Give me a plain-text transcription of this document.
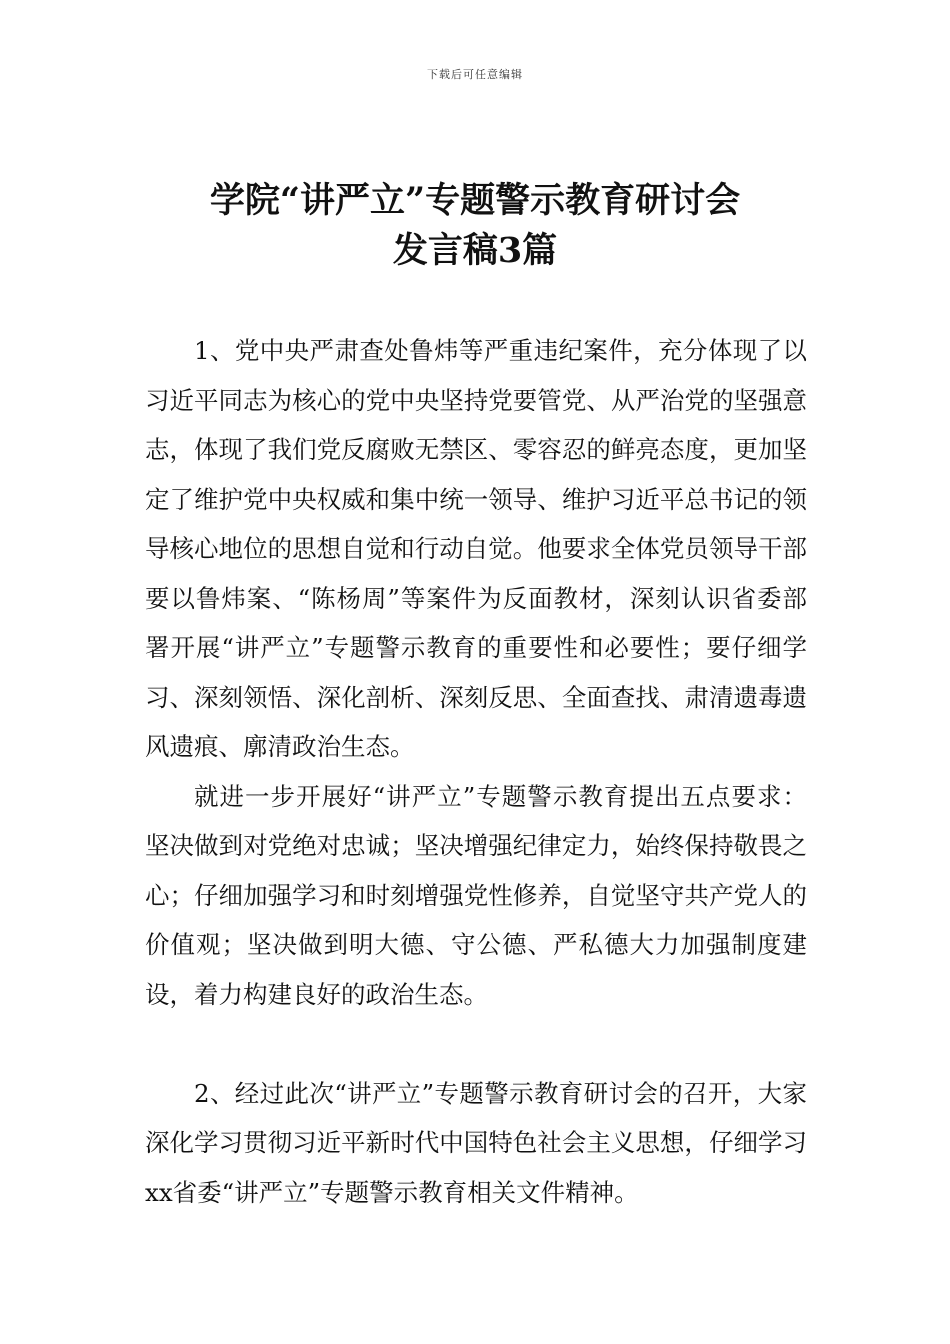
下载后可任意编辑
学院“讲严立”专题警示教育研讨会
发言稿3篇

1、党中央严肃查处鲁炜等严重违纪案件，充分体现了以习近平同志为核心的党中央坚持党要管党、从严治党的坚强意志，体现了我们党反腐败无禁区、零容忍的鲜亮态度，更加坚定了维护党中央权威和集中统一领导、维护习近平总书记的领导核心地位的思想自觉和行动自觉。他要求全体党员领导干部要以鲁炜案、“陈杨周”等案件为反面教材，深刻认识省委部署开展“讲严立”专题警示教育的重要性和必要性；要仔细学习、深刻领悟、深化剖析、深刻反思、全面查找、肃清遗毒遗风遗痕、廓清政治生态。

就进一步开展好“讲严立”专题警示教育提出五点要求：坚决做到对党绝对忠诚；坚决增强纪律定力，始终保持敬畏之心；仔细加强学习和时刻增强党性修养，自觉坚守共产党人的价值观；坚决做到明大德、守公德、严私德大力加强制度建设，着力构建良好的政治生态。

2、经过此次“讲严立”专题警示教育研讨会的召开，大家深化学习贯彻习近平新时代中国特色社会主义思想，仔细学习xx省委“讲严立”专题警示教育相关文件精神。
